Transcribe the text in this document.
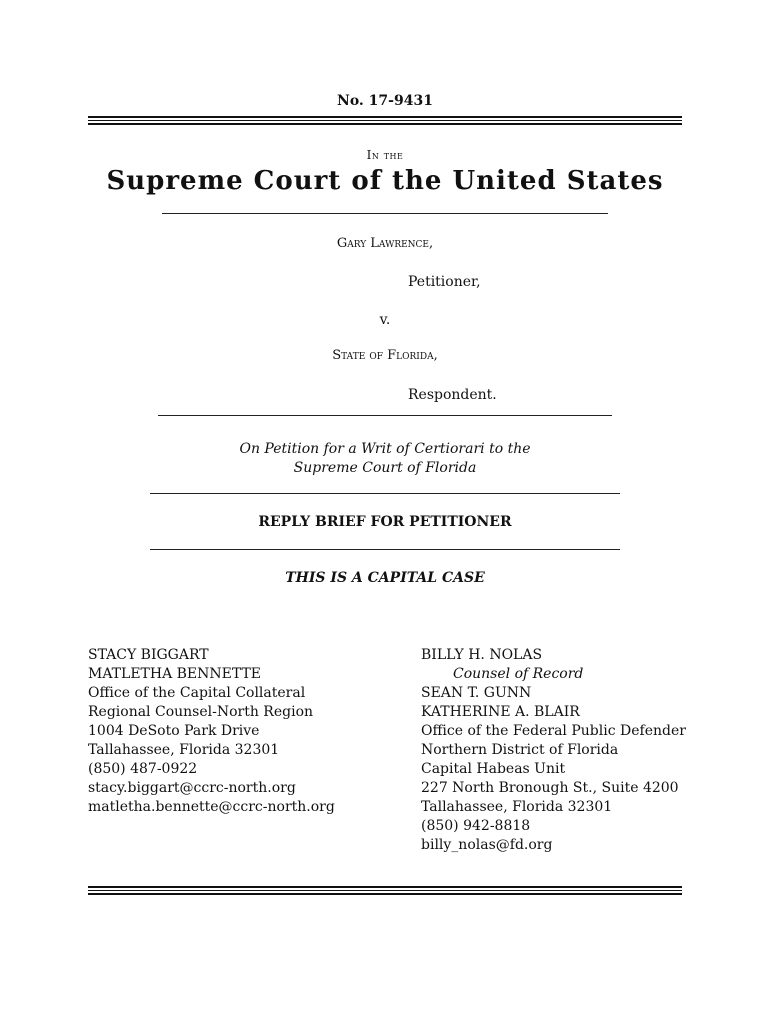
No. 17-9431
In the
Supreme Court of the United States
Gary Lawrence,
Petitioner,
v.
State of Florida,
Respondent.
On Petition for a Writ of Certiorari to the
Supreme Court of Florida
REPLY BRIEF FOR PETITIONER
THIS IS A CAPITAL CASE
STACY BIGGART
MATLETHA BENNETTE
Office of the Capital Collateral
Regional Counsel-North Region
1004 DeSoto Park Drive
Tallahassee, Florida 32301
(850) 487-0922
stacy.biggart@ccrc-north.org
matletha.bennette@ccrc-north.org
BILLY H. NOLAS
Counsel of Record
SEAN T. GUNN
KATHERINE A. BLAIR
Office of the Federal Public Defender
Northern District of Florida
Capital Habeas Unit
227 North Bronough St., Suite 4200
Tallahassee, Florida 32301
(850) 942-8818
billy_nolas@fd.org
